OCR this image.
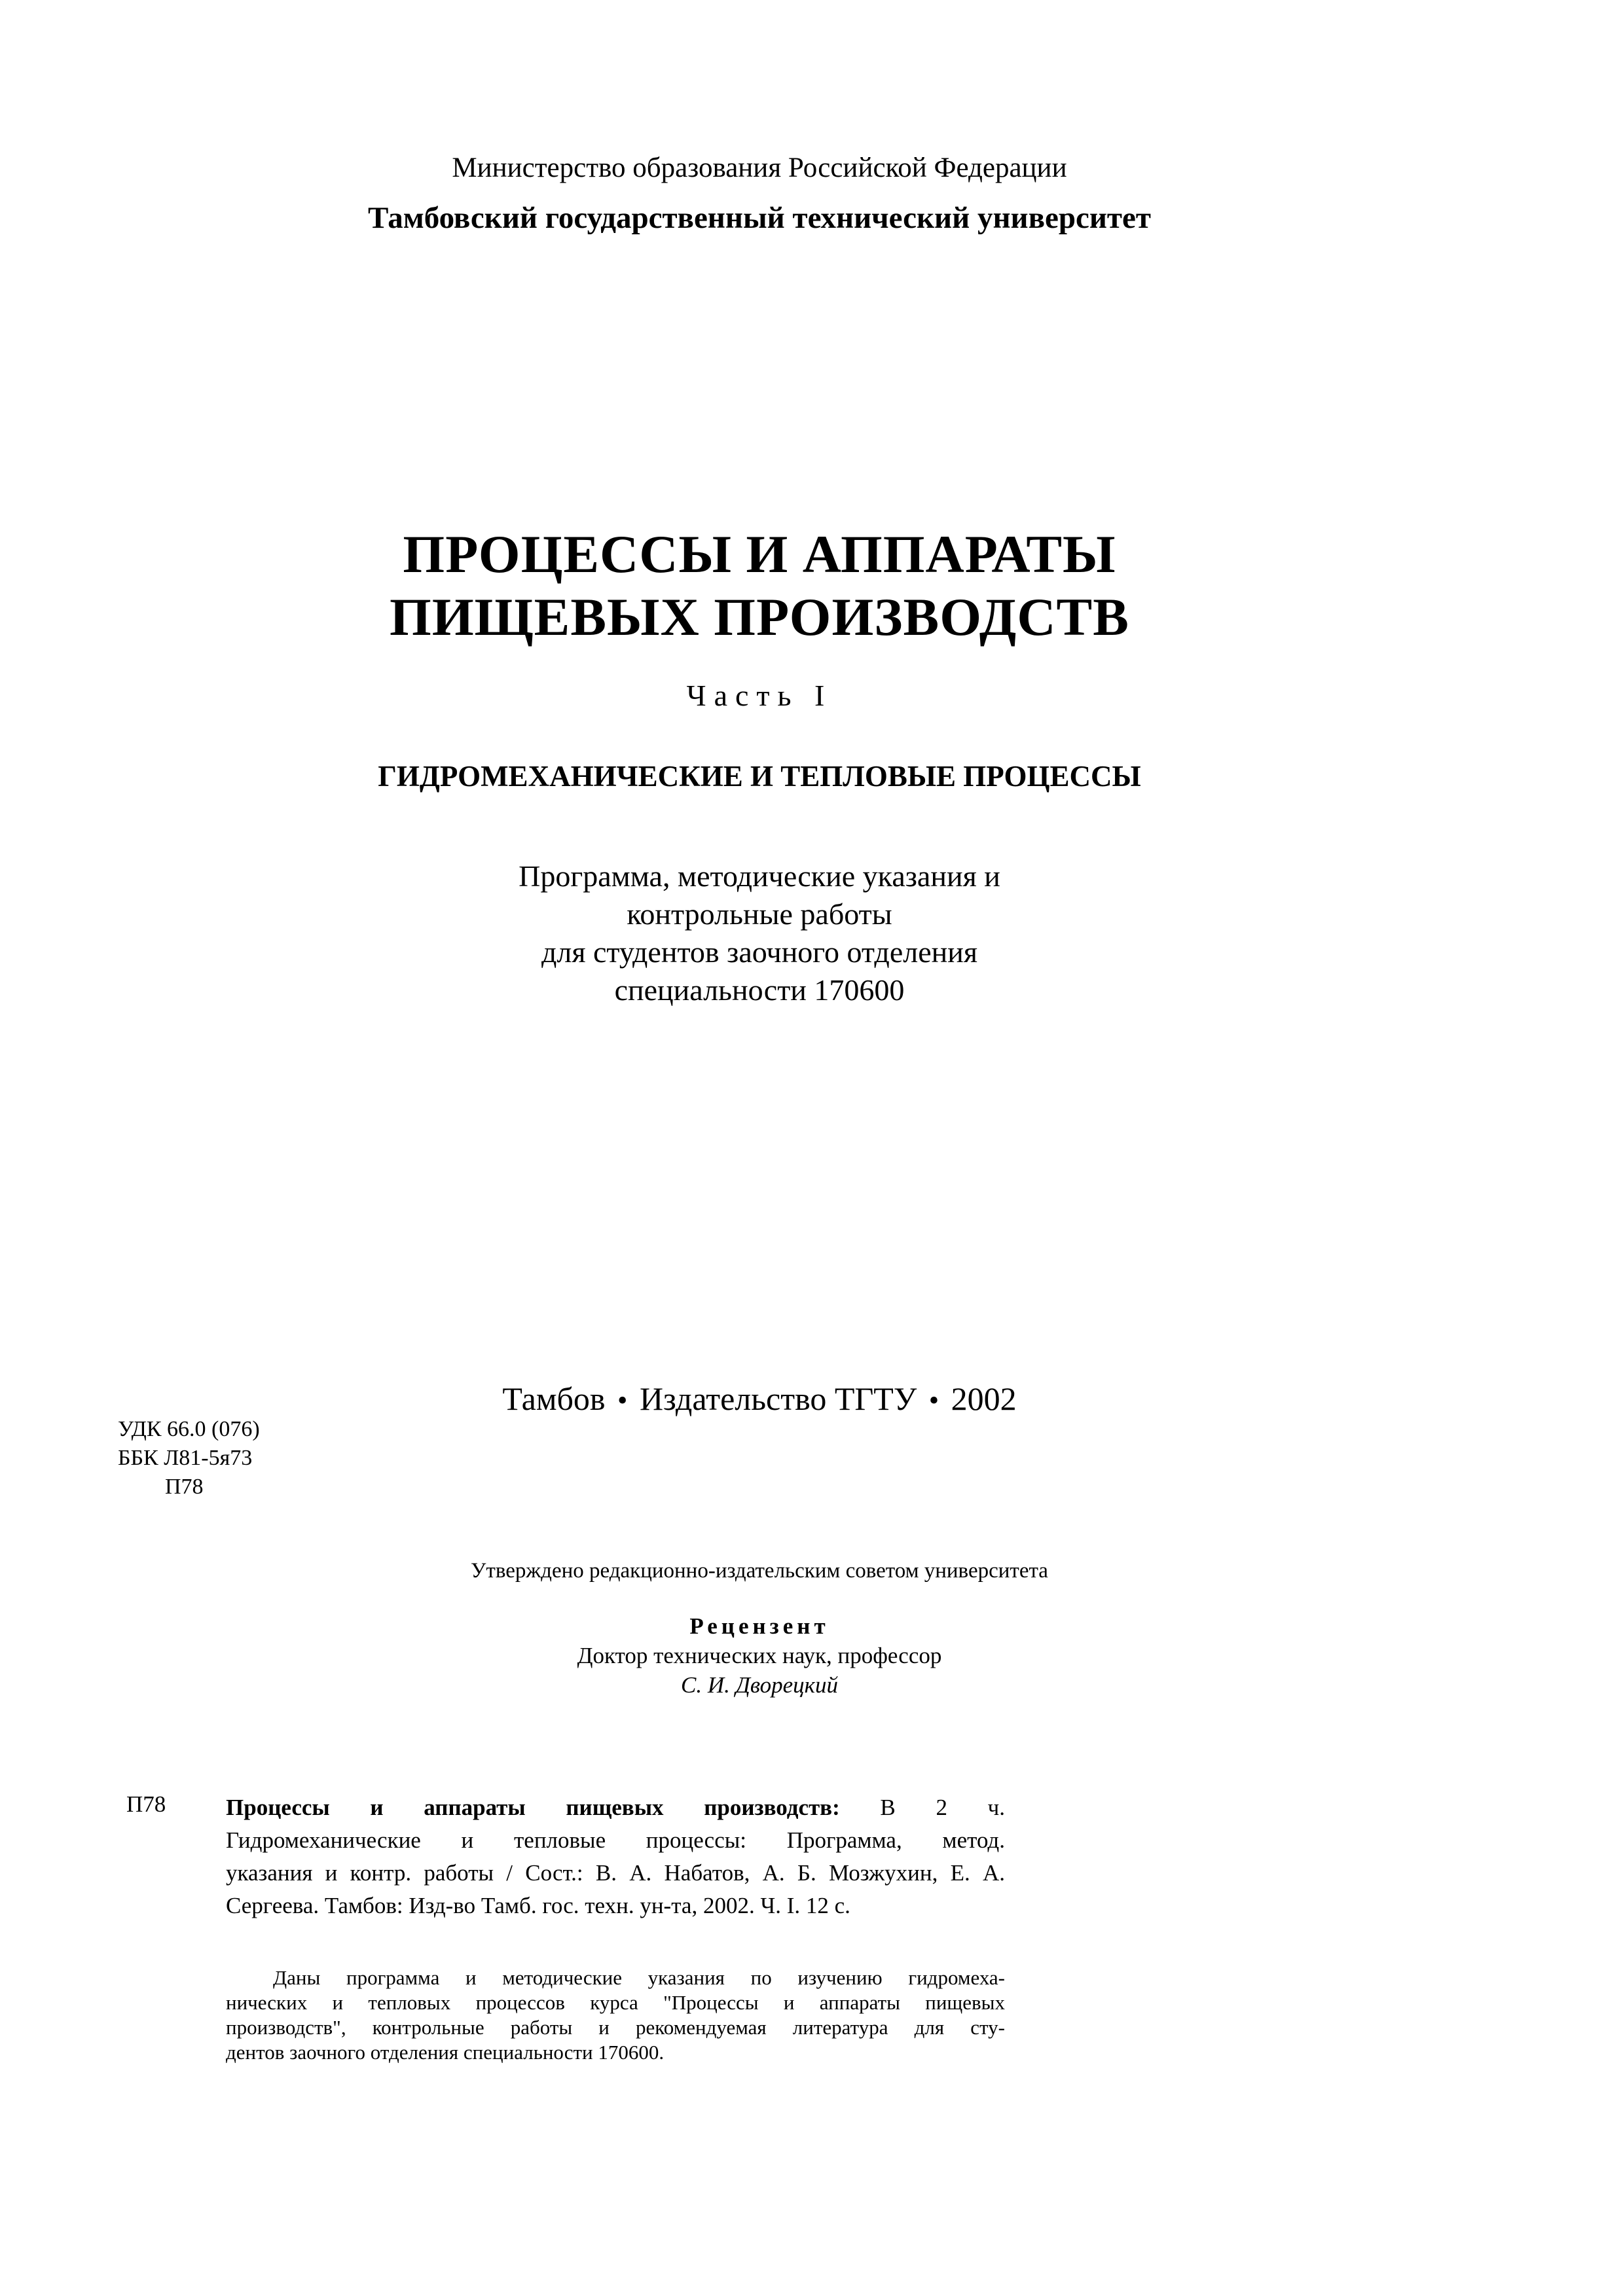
Министерство образования Российской Федерации
Тамбовский государственный технический университет
ПРОЦЕССЫ И АППАРАТЫ
ПИЩЕВЫХ ПРОИЗВОДСТВ
Часть I
ГИДРОМЕХАНИЧЕСКИЕ И ТЕПЛОВЫЕ ПРОЦЕССЫ
Программа, методические указания и
контрольные работы
для студентов заочного отделения
специальности 170600
Тамбов • Издательство ТГТУ • 2002
УДК 66.0 (076)
ББК Л81-5я73
П78
Утверждено редакционно-издательским советом университета
Рецензент
Доктор технических наук, профессор
С. И. Дворецкий
П78	Процессы и аппараты пищевых производств: В 2 ч.
Гидромеханические и тепловые процессы: Программа, метод.
указания и контр. работы / Сост.: В. А. Набатов, А. Б. Мозжухин, Е. А.
Сергеева. Тамбов: Изд-во Тамб. гос. техн. ун-та, 2002. Ч. I. 12 с.
Даны программа и методические указания по изучению гидромеха-
нических и тепловых процессов курса "Процессы и аппараты пищевых
производств", контрольные работы и рекомендуемая литература для сту-
дентов заочного отделения специальности 170600.
